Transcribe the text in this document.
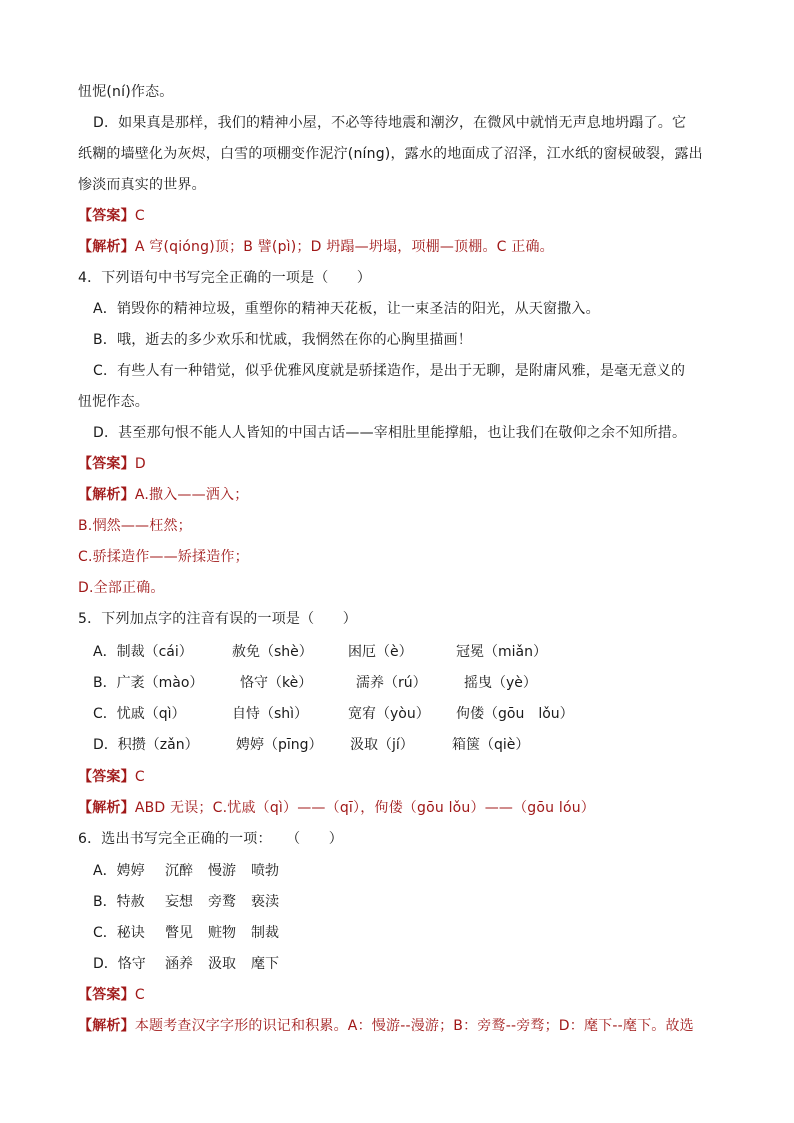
忸怩(ní)作态。
D．如果真是那样，我们的精神小屋，不必等待地震和潮汐，在微风中就悄无声息地坍蹋了。它
纸糊的墙壁化为灰烬，白雪的项棚变作泥泞(níng)，露水的地面成了沼泽，江水纸的窗棂破裂，露出
惨淡而真实的世界。
【答案】C
【解析】A 穹(qióng)顶；B 譬(pì)；D 坍蹋—坍塌，项棚—顶棚。C 正确。
4．下列语句中书写完全正确的一项是（　　）
A．销毁你的精神垃圾，重塑你的精神天花板，让一束圣洁的阳光，从天窗撒入。
B．哦，逝去的多少欢乐和忧戚，我惘然在你的心胸里描画！
C．有些人有一种错觉，似乎优雅风度就是骄揉造作，是出于无聊，是附庸风雅，是毫无意义的
忸怩作态。
D．甚至那句恨不能人人皆知的中国古话——宰相肚里能撑船，也让我们在敬仰之余不知所措。
【答案】D
【解析】A.撒入——洒入；
B.惘然——枉然；
C.骄揉造作——矫揉造作；
D.全部正确。
5．下列加点字的注音有误的一项是（　　）
A．制裁（cái）	赦免（shè）	困厄（è）	冠冕（miǎn）
B．广袤（mào）	恪守（kè）	濡养（rú）	摇曳（yè）
C．忧戚（qì）	自恃（shì）	宽宥（yòu） 佝偻（gōu　lǒu）
D．积攒（zǎn）	娉婷（pīng） 汲取（jí）	箱箧（qiè）
【答案】C
【解析】ABD 无误；C.忧戚（qì）——（qī），佝偻（gōu lǒu）——（gōu lóu）
6．选出书写完全正确的一项：　　（　　）
A．娉婷 沉醉 慢游 喷勃
B．特赦 妄想 旁鹜 亵渎
C．秘诀 瞥见 赃物 制裁
D．恪守 涵养 汲取 麾下
【答案】C
【解析】本题考查汉字字形的识记和积累。A：慢游--漫游；B：旁鹜--旁骛；D：麾下--麾下。故选
